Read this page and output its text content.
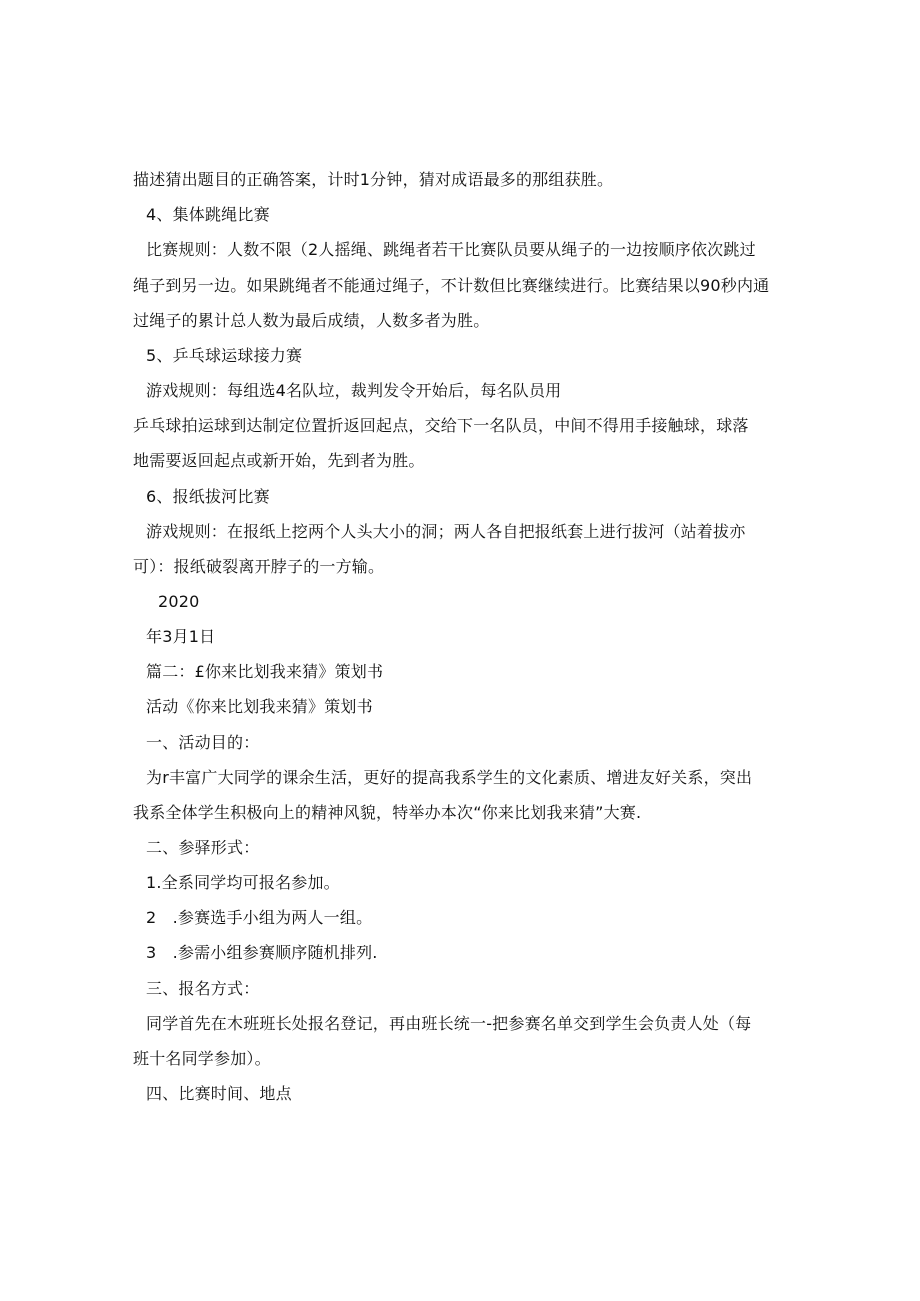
描述猜出题目的正确答案，计时1分钟，猜对成语最多的那组获胜。
4、集体跳绳比赛
比赛规则：人数不限（2人摇绳、跳绳者若干比赛队员要从绳子的一边按顺序依次跳过
绳子到另一边。如果跳绳者不能通过绳子，不计数但比赛继续进行。比赛结果以90秒内通
过绳子的累计总人数为最后成绩，人数多者为胜。
5、乒乓球运球接力赛
游戏规则：每组选4名队垃，裁判发令开始后，每名队员用
乒乓球拍运球到达制定位置折返回起点，交给下一名队员，中间不得用手接触球，球落
地需要返回起点或新开始，先到者为胜。
6、报纸拔河比赛
游戏规则：在报纸上挖两个人头大小的洞；两人各自把报纸套上进行拔河（站着拔亦
可）：报纸破裂离开脖子的一方输。
2020
年3月1日
篇二：£你来比划我来猜》策划书
活动《你来比划我来猜》策划书
一、活动目的：
为r丰富广大同学的课余生活，更好的提高我系学生的文化素质、增进友好关系，突出
我系全体学生积极向上的精神风貌，特举办本次“你来比划我来猜”大赛.
二、参驿形式：
1.全系同学均可报名参加。
2　.参赛选手小组为两人一组。
3　.参需小组参赛顺序随机排列.
三、报名方式：
同学首先在木班班长处报名登记，再由班长统一-把参赛名单交到学生会负责人处（每
班十名同学参加）。
四、比赛时间、地点
